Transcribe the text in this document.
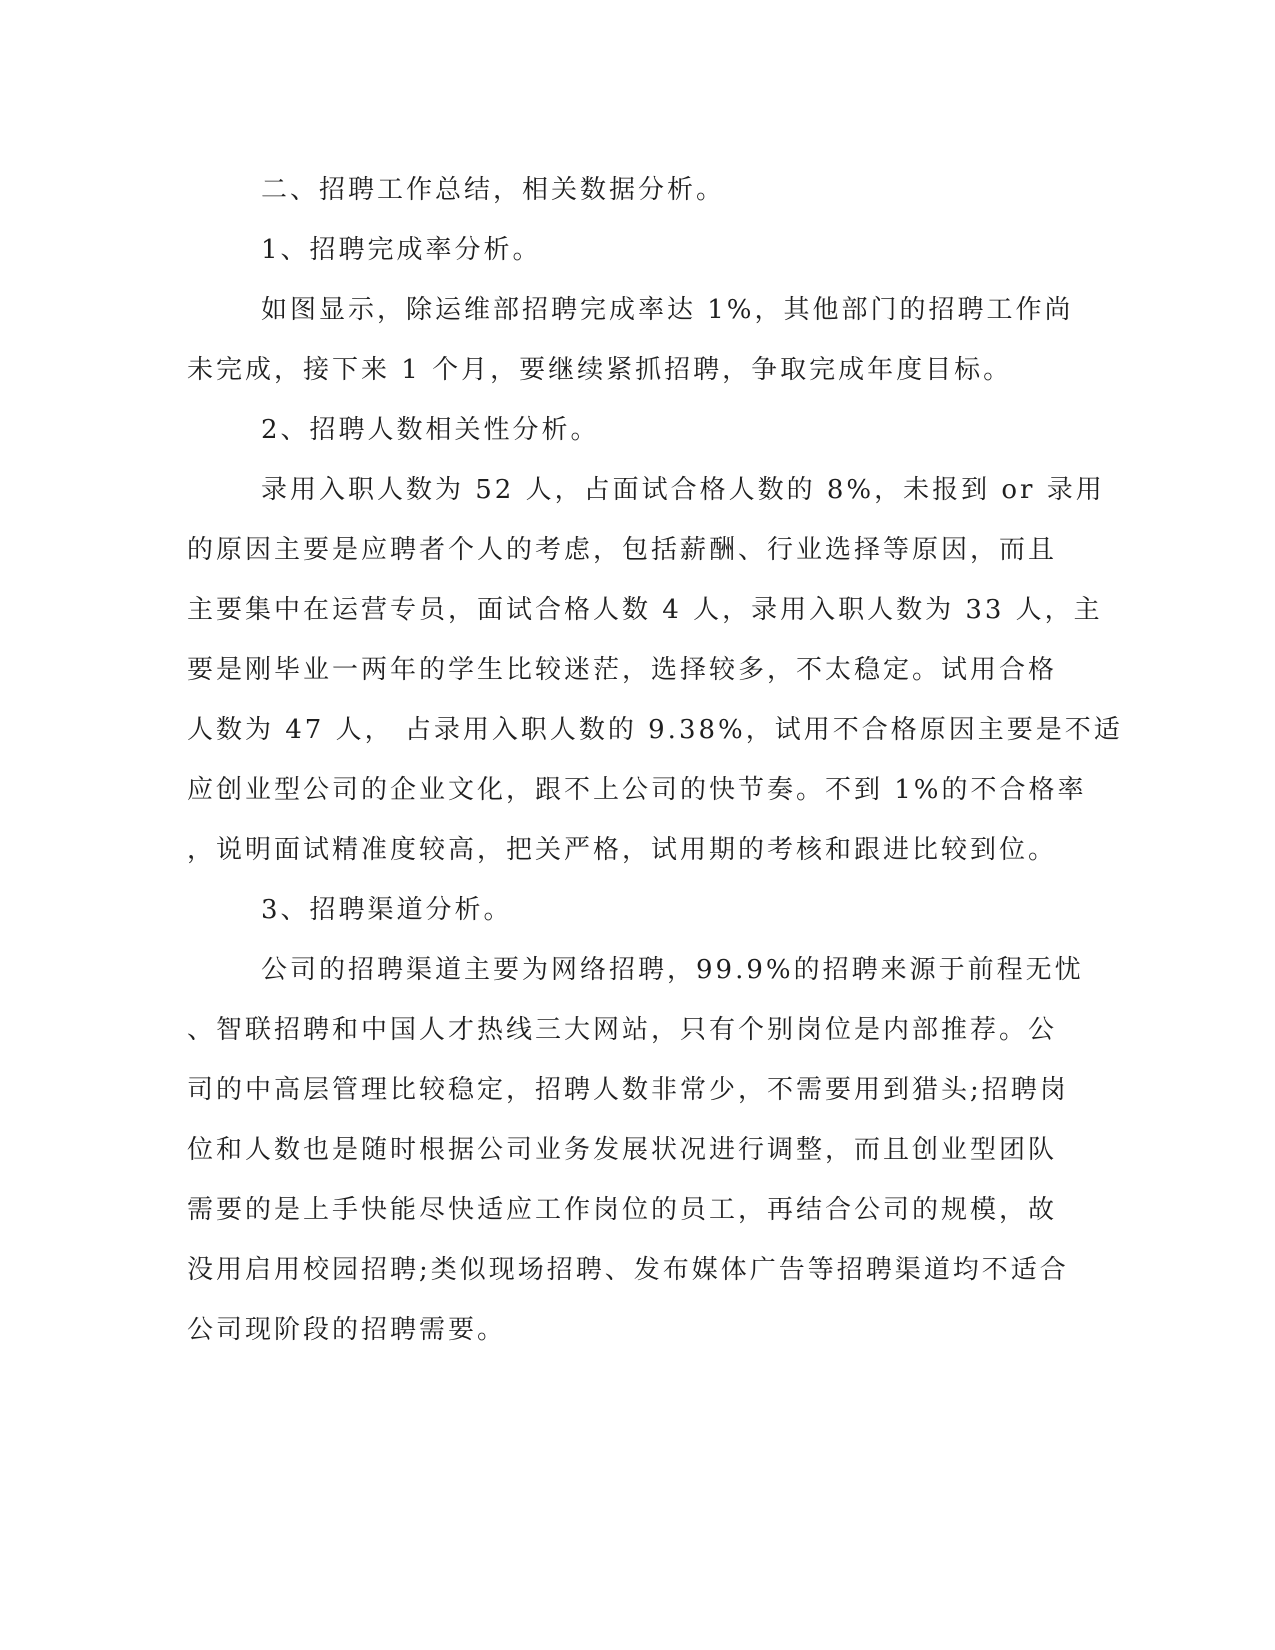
二、招聘工作总结，相关数据分析。
1、招聘完成率分析。
如图显示，除运维部招聘完成率达 1%，其他部门的招聘工作尚
未完成，接下来 1 个月，要继续紧抓招聘，争取完成年度目标。
2、招聘人数相关性分析。
录用入职人数为 52 人，占面试合格人数的 8%，未报到 or 录用
的原因主要是应聘者个人的考虑，包括薪酬、行业选择等原因，而且
主要集中在运营专员，面试合格人数 4 人，录用入职人数为 33 人，主
要是刚毕业一两年的学生比较迷茫，选择较多，不太稳定。试用合格
人数为 47 人， 占录用入职人数的 9.38%，试用不合格原因主要是不适
应创业型公司的企业文化，跟不上公司的快节奏。不到 1%的不合格率
，说明面试精准度较高，把关严格，试用期的考核和跟进比较到位。
3、招聘渠道分析。
公司的招聘渠道主要为网络招聘，99.9%的招聘来源于前程无忧
、智联招聘和中国人才热线三大网站，只有个别岗位是内部推荐。公
司的中高层管理比较稳定，招聘人数非常少，不需要用到猎头;招聘岗
位和人数也是随时根据公司业务发展状况进行调整，而且创业型团队
需要的是上手快能尽快适应工作岗位的员工，再结合公司的规模，故
没用启用校园招聘;类似现场招聘、发布媒体广告等招聘渠道均不适合
公司现阶段的招聘需要。
